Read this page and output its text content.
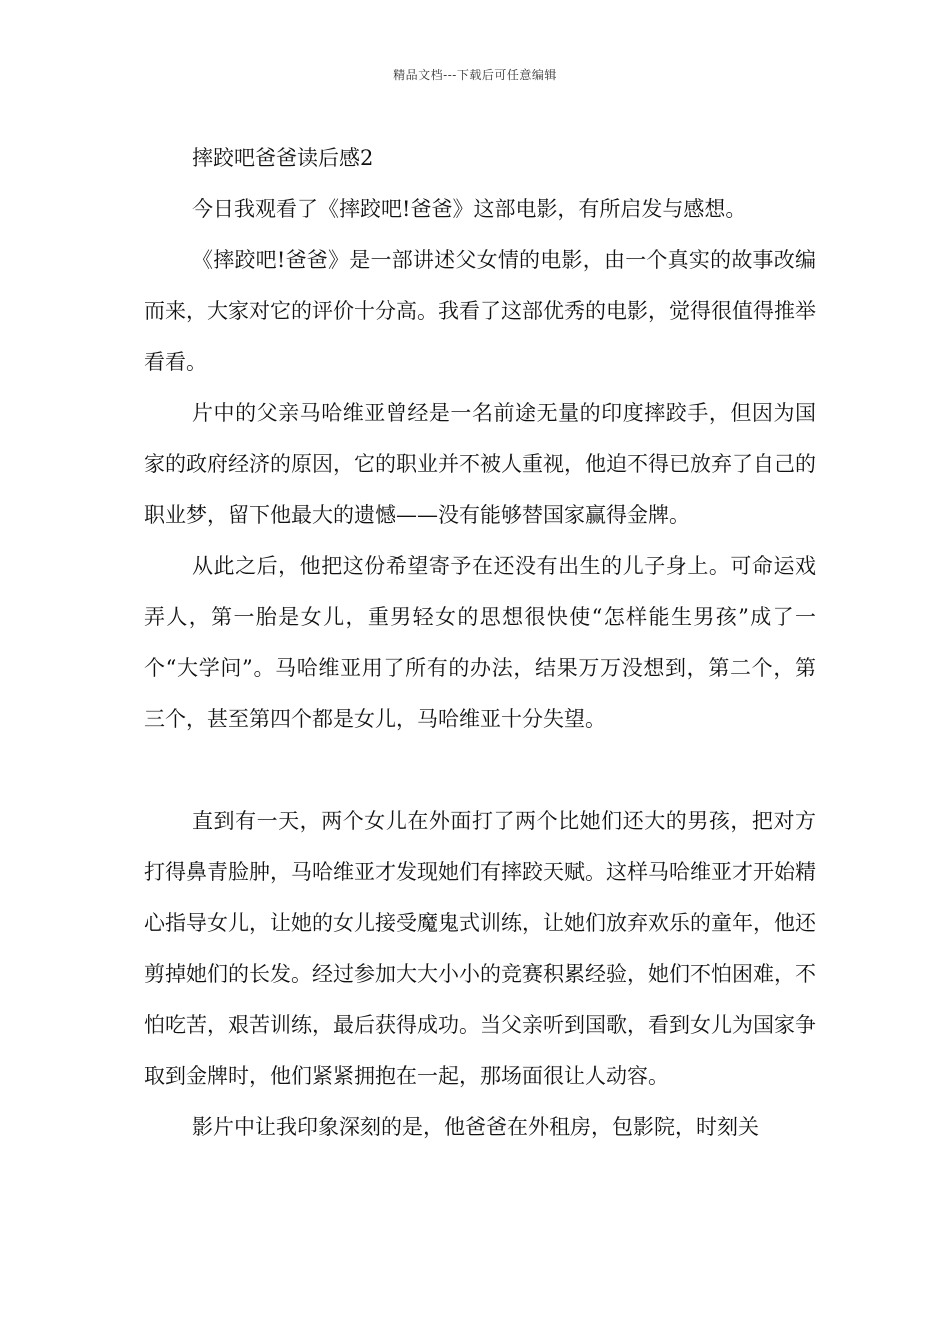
精品文档---下载后可任意编辑
摔跤吧爸爸读后感2

今日我观看了《摔跤吧!爸爸》这部电影，有所启发与感想。

《摔跤吧!爸爸》是一部讲述父女情的电影，由一个真实的故事改编而来，大家对它的评价十分高。我看了这部优秀的电影，觉得很值得推举看看。

片中的父亲马哈维亚曾经是一名前途无量的印度摔跤手，但因为国家的政府经济的原因，它的职业并不被人重视，他迫不得已放弃了自己的职业梦，留下他最大的遗憾——没有能够替国家赢得金牌。

从此之后，他把这份希望寄予在还没有出生的儿子身上。可命运戏弄人，第一胎是女儿，重男轻女的思想很快使“怎样能生男孩”成了一个“大学问”。马哈维亚用了所有的办法，结果万万没想到，第二个，第三个，甚至第四个都是女儿，马哈维亚十分失望。

直到有一天，两个女儿在外面打了两个比她们还大的男孩，把对方打得鼻青脸肿，马哈维亚才发现她们有摔跤天赋。这样马哈维亚才开始精心指导女儿，让她的女儿接受魔鬼式训练，让她们放弃欢乐的童年，他还剪掉她们的长发。经过参加大大小小的竞赛积累经验，她们不怕困难，不怕吃苦，艰苦训练，最后获得成功。当父亲听到国歌，看到女儿为国家争取到金牌时，他们紧紧拥抱在一起，那场面很让人动容。

影片中让我印象深刻的是，他爸爸在外租房，包影院，时刻关
